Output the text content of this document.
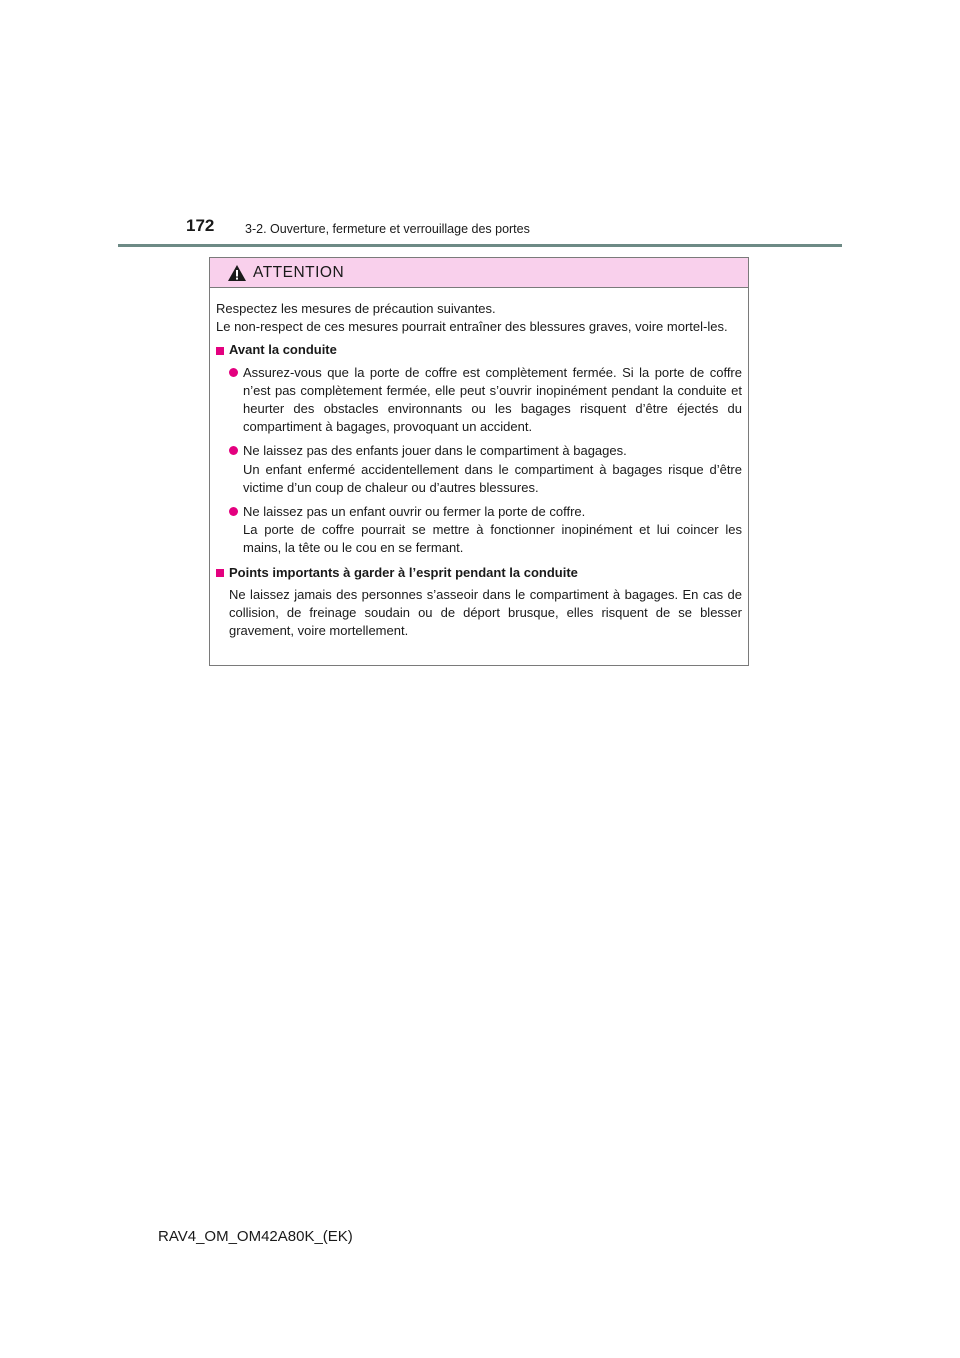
172 3-2. Ouverture, fermeture et verrouillage des portes
ATTENTION

Respectez les mesures de précaution suivantes.

Le non-respect de ces mesures pourrait entraîner des blessures graves, voire mortel-les.

Avant la conduite

Assurez-vous que la porte de coffre est complètement fermée. Si la porte de coffre n’est pas complètement fermée, elle peut s’ouvrir inopinément pendant la conduite et heurter des obstacles environnants ou les bagages risquent d’être éjectés du compartiment à bagages, provoquant un accident.

Ne laissez pas des enfants jouer dans le compartiment à bagages.

Un enfant enfermé accidentellement dans le compartiment à bagages risque d’être victime d’un coup de chaleur ou d’autres blessures.

Ne laissez pas un enfant ouvrir ou fermer la porte de coffre.

La porte de coffre pourrait se mettre à fonctionner inopinément et lui coincer les mains, la tête ou le cou en se fermant.

Points importants à garder à l’esprit pendant la conduite

Ne laissez jamais des personnes s’asseoir dans le compartiment à bagages. En cas de collision, de freinage soudain ou de déport brusque, elles risquent de se blesser gravement, voire mortellement.

RAV4_OM_OM42A80K_(EK)
